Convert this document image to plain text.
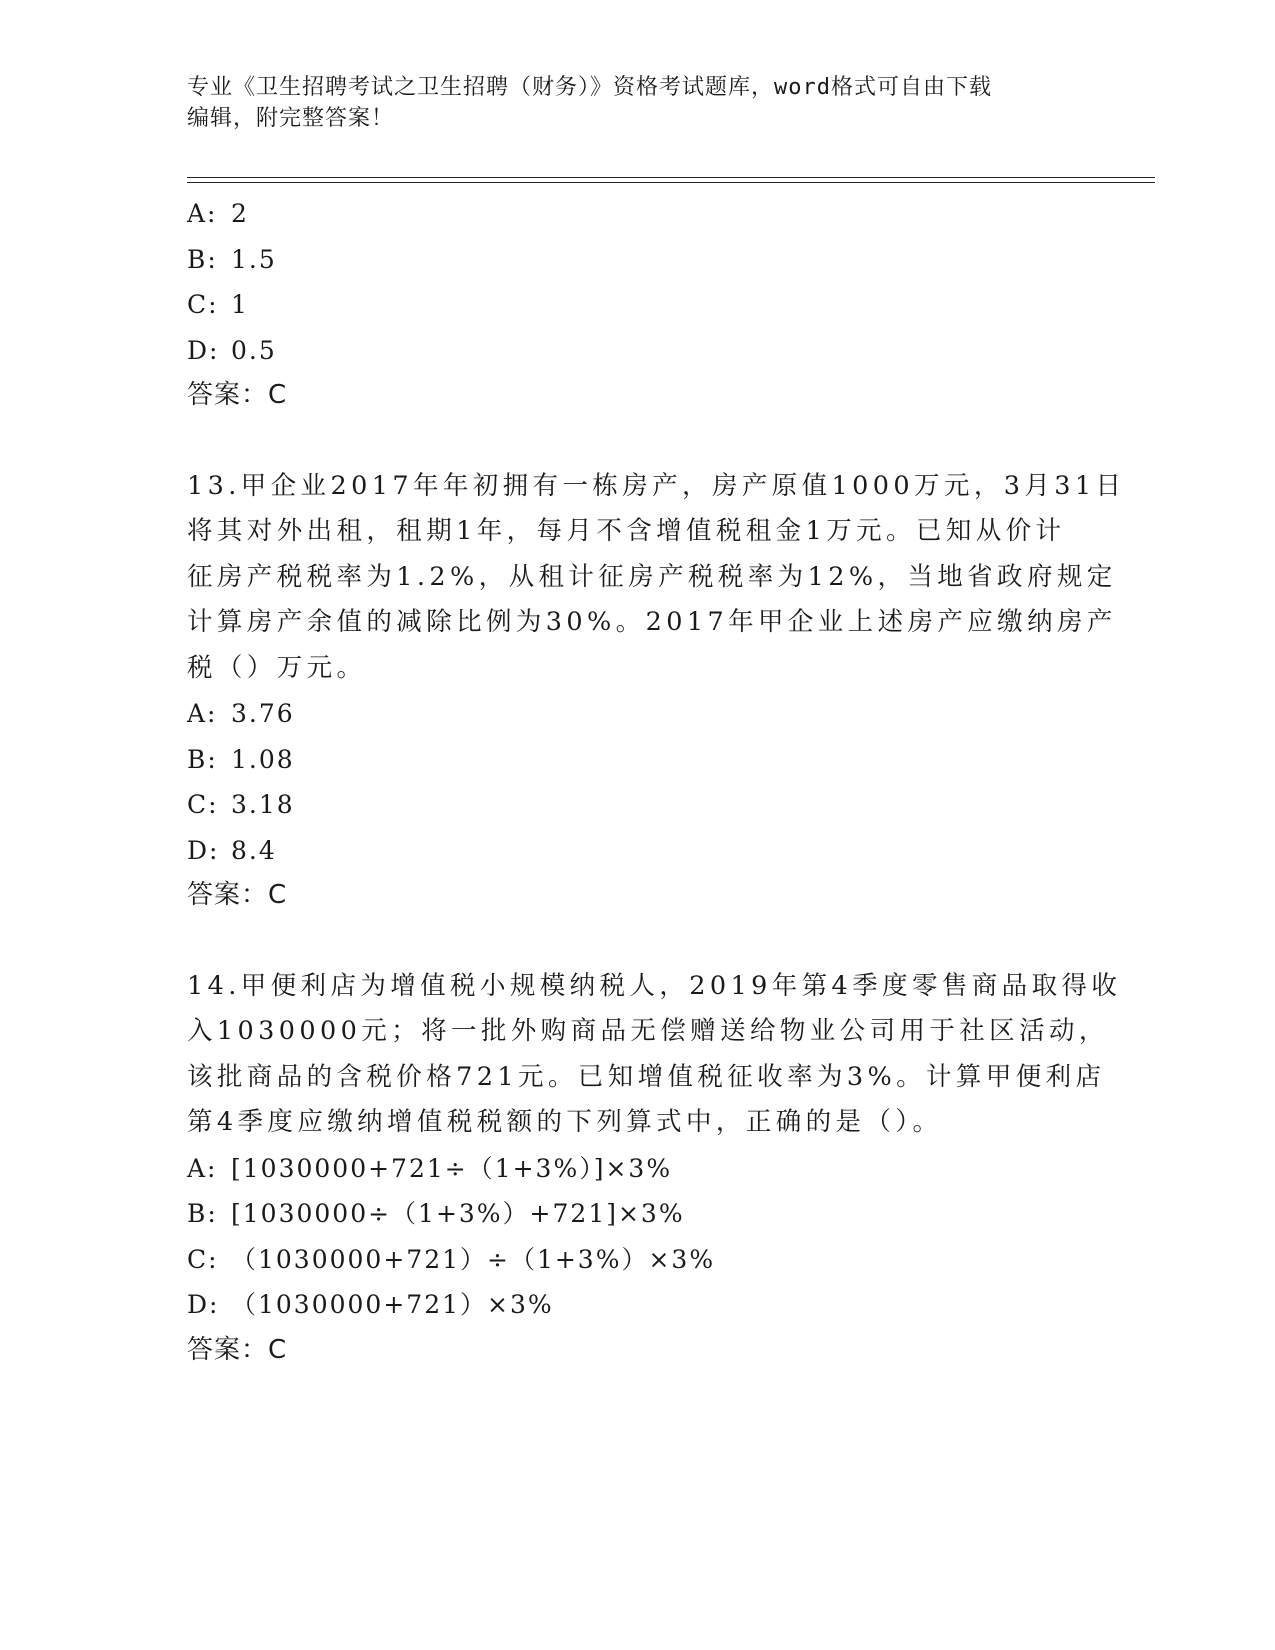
专业《卫生招聘考试之卫生招聘（财务）》资格考试题库，word格式可自由下载
编辑，附完整答案！
A: 2
B: 1.5
C: 1
D: 0.5
答案：C
13.甲企业2017年年初拥有一栋房产，房产原值1000万元，3月31日
将其对外出租，租期1年，每月不含增值税租金1万元。已知从价计
征房产税税率为1.2%，从租计征房产税税率为12%，当地省政府规定
计算房产余值的减除比例为30%。2017年甲企业上述房产应缴纳房产
税（）万元。
A: 3.76
B: 1.08
C: 3.18
D: 8.4
答案：C
14.甲便利店为增值税小规模纳税人，2019年第4季度零售商品取得收
入1030000元；将一批外购商品无偿赠送给物业公司用于社区活动，
该批商品的含税价格721元。已知增值税征收率为3%。计算甲便利店
第4季度应缴纳增值税税额的下列算式中，正确的是（）。
A: [1030000+721÷（1+3%）]×3%
B: [1030000÷（1+3%）+721]×3%
C: （1030000+721）÷（1+3%）×3%
D: （1030000+721）×3%
答案：C
